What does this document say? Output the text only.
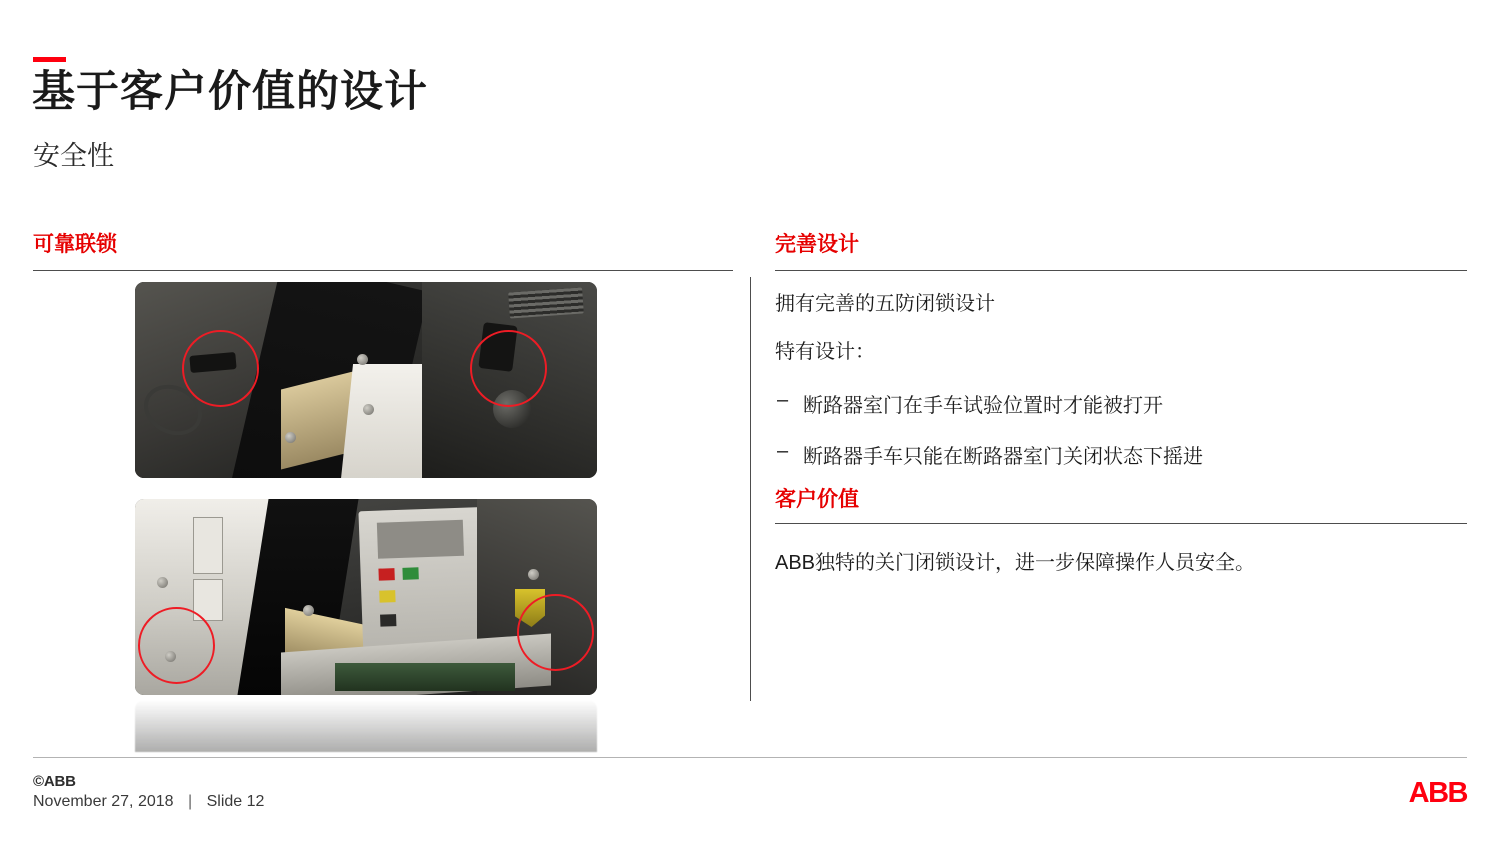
基于客户价值的设计
安全性
可靠联锁	完善设计

拥有完善的五防闭锁设计

特有设计：

– 断路器室门在手车试验位置时才能被打开
– 断路器手车只能在断路器室门关闭状态下摇进
客户价值
ABB独特的关门闭锁设计，进一步保障操作人员安全。
©ABB
November 27, 2018 | Slide 12	ABB
